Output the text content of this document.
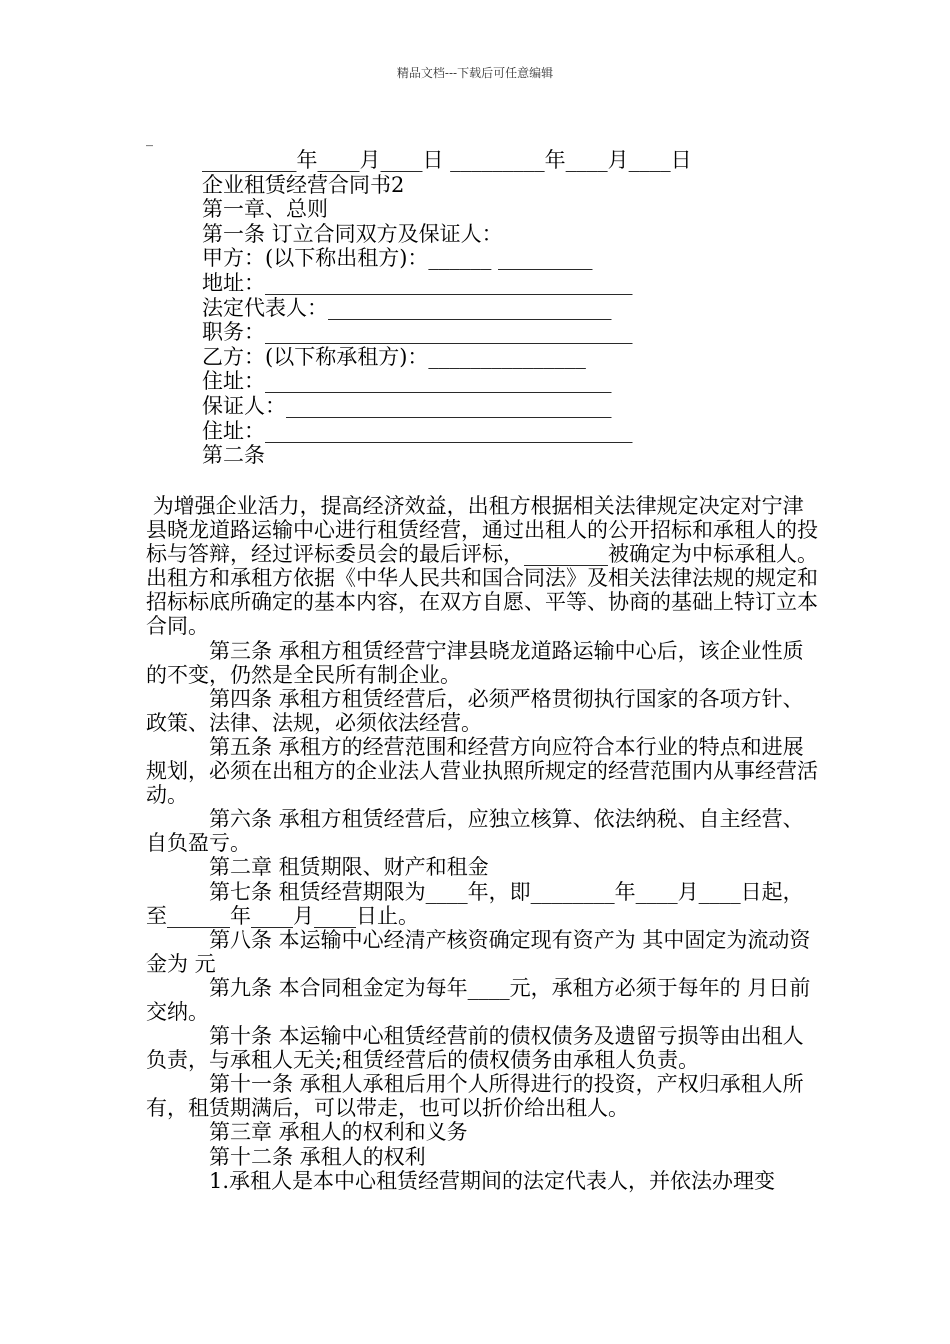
精品文档---下载后可任意编辑
_
_________年____月____日 _________年____月____日
企业租赁经营合同书2
第一章、总则
第一条 订立合同双方及保证人：
甲方：(以下称出租方)：______ _________
地址：___________________________________
法定代表人：___________________________
职务：___________________________________
乙方：(以下称承租方)：_______________
住址：_________________________________
保证人：_______________________________
住址：___________________________________
第二条

为增强企业活力，提高经济效益，出租方根据相关法律规定决定对宁津县晓龙道路运输中心进行租赁经营，通过出租人的公开招标和承租人的投标与答辩，经过评标委员会的最后评标，________被确定为中标承租人。出租方和承租方依据《中华人民共和国合同法》及相关法律法规的规定和招标标底所确定的基本内容，在双方自愿、平等、协商的基础上特订立本合同。

　　　第三条 承租方租赁经营宁津县晓龙道路运输中心后，该企业性质的不变，仍然是全民所有制企业。

　　　第四条 承租方租赁经营后，必须严格贯彻执行国家的各项方针、政策、法律、法规，必须依法经营。

　　　第五条 承租方的经营范围和经营方向应符合本行业的特点和进展规划，必须在出租方的企业法人营业执照所规定的经营范围内从事经营活动。

　　　第六条 承租方租赁经营后，应独立核算、依法纳税、自主经营、自负盈亏。

　　　第二章 租赁期限、财产和租金

　　　第七条 租赁经营期限为____年，即________年____月____日起，至______年____月____日止。

　　　第八条 本运输中心经清产核资确定现有资产为 其中固定为流动资金为 元

　　　第九条 本合同租金定为每年____元，承租方必须于每年的 月日前交纳。

　　　第十条 本运输中心租赁经营前的债权债务及遗留亏损等由出租人负责，与承租人无关;租赁经营后的债权债务由承租人负责。

　　　第十一条 承租人承租后用个人所得进行的投资，产权归承租人所有，租赁期满后，可以带走，也可以折价给出租人。

　　　第三章 承租人的权利和义务

　　　第十二条 承租人的权利

　　　1.承租人是本中心租赁经营期间的法定代表人，并依法办理变
